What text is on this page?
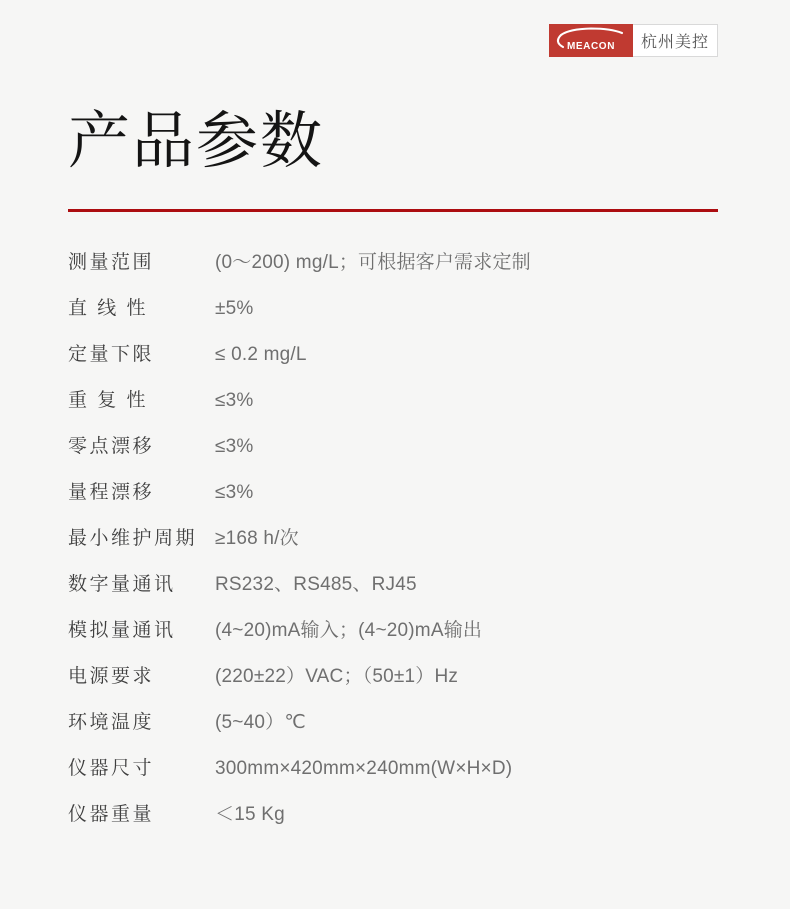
MEACON	杭州美控
产品参数
测量范围	(0～200) mg/L；可根据客户需求定制
直 线 性	±5%
定量下限	≤ 0.2 mg/L
重 复 性	≤3%
零点漂移	≤3%
量程漂移	≤3%
最小维护周期 ≥168 h/次
数字量通讯	RS232、RS485、RJ45
模拟量通讯	(4~20)mA输入；(4~20)mA输出
电源要求	(220±22）VAC；（50±1）Hz
环境温度	(5~40）℃
仪器尺寸	300mm×420mm×240mm(W×H×D)
仪器重量	＜15 Kg
